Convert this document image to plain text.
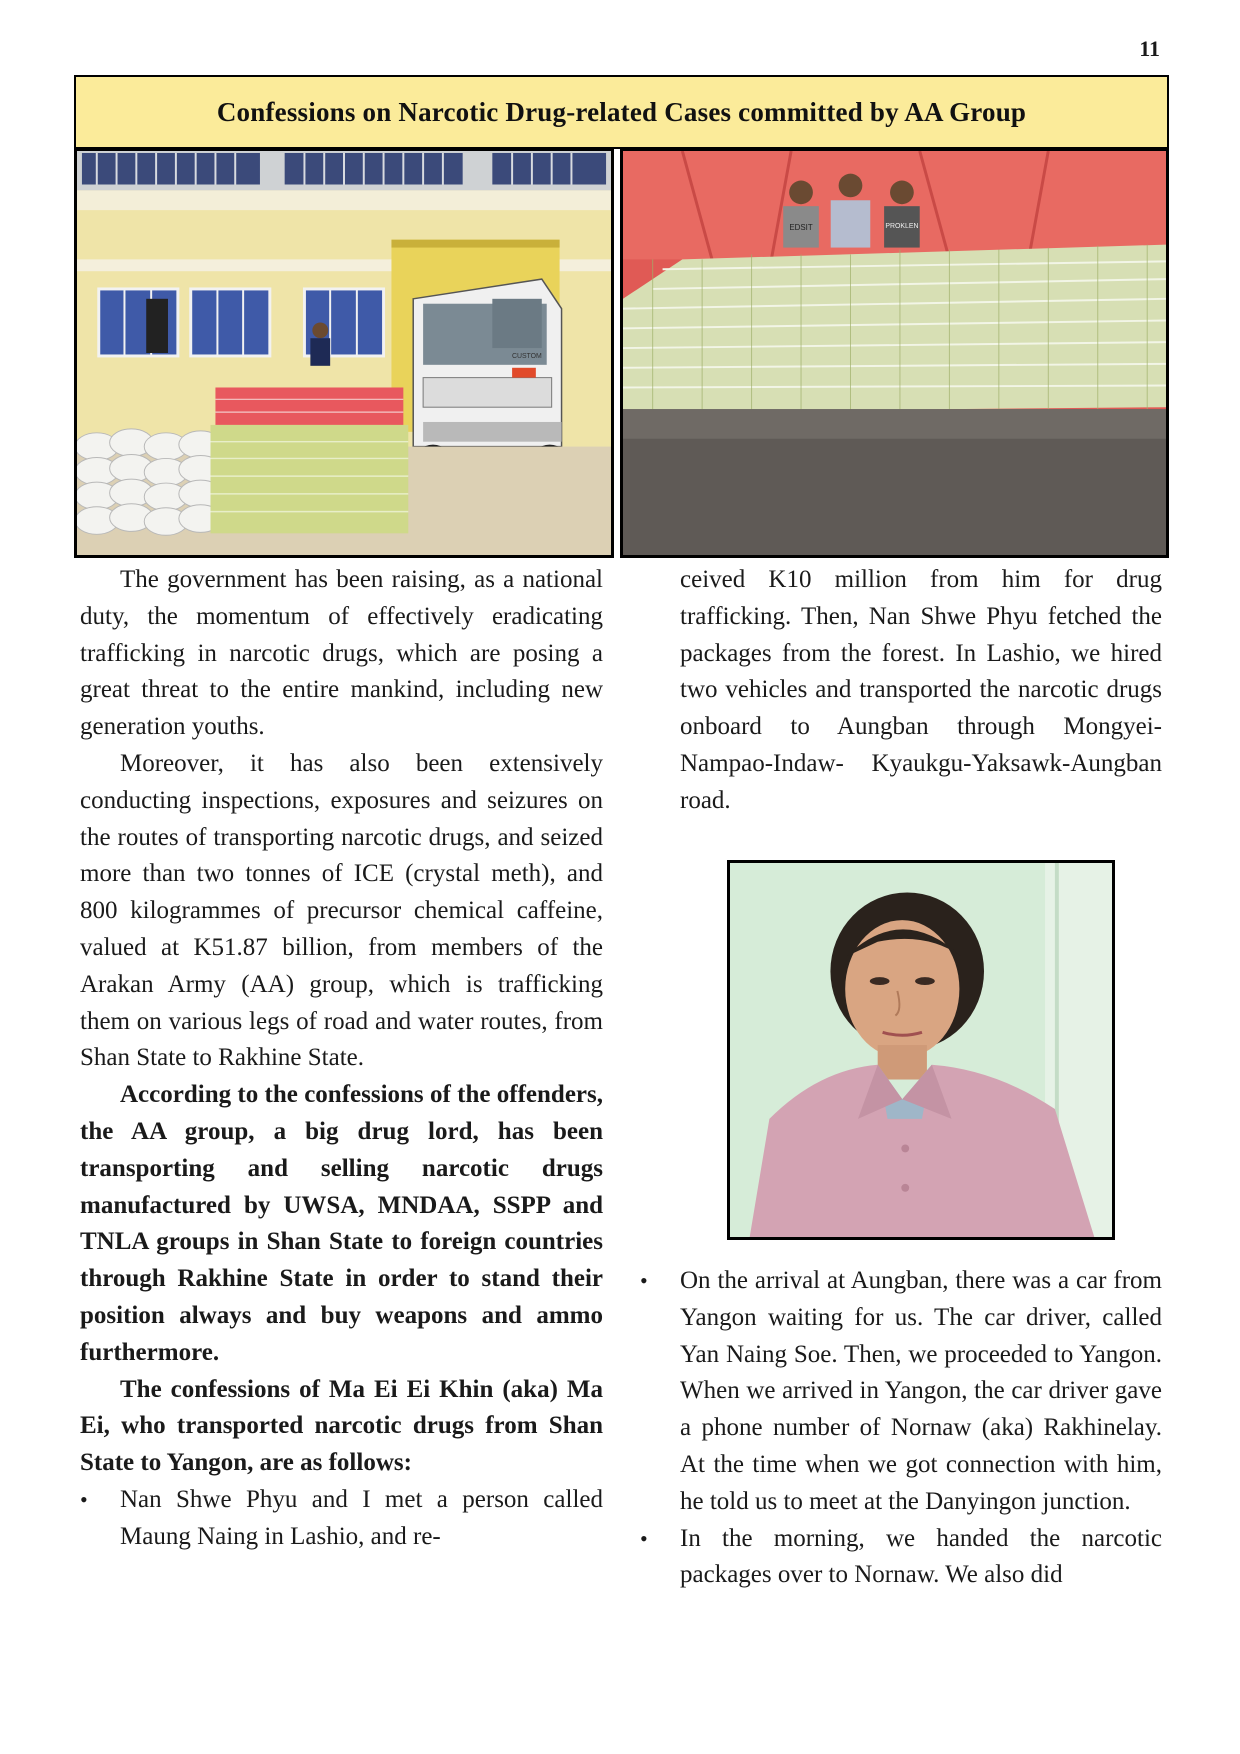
11
Confessions on Narcotic Drug-related Cases committed by AA Group
CUSTOM
EDSIT	PROKLEN

The government has been raising, as a national duty, the momentum of effectively eradicating trafficking in narcotic drugs, which are posing a great threat to the entire mankind, including new generation youths.

Moreover, it has also been extensively conducting inspections, exposures and seizures on the routes of transporting narcotic drugs, and seized more than two tonnes of ICE (crystal meth), and 800 kilogrammes of precursor chemical caffeine, valued at K51.87 billion, from members of the Arakan Army (AA) group, which is trafficking them on various legs of road and water routes, from Shan State to Rakhine State.

According to the confessions of the offenders, the AA group, a big drug lord, has been transporting and selling narcotic drugs manufactured by UWSA, MNDAA, SSPP and TNLA groups in Shan State to foreign countries through Rakhine State in order to stand their position always and buy weapons and ammo furthermore.

The confessions of Ma Ei Ei Khin (aka) Ma Ei, who transported narcotic drugs from Shan State to Yangon, are as follows:

• Nan Shwe Phyu and I met a person called Maung Naing in Lashio, and re-

ceived K10 million from him for drug trafficking. Then, Nan Shwe Phyu fetched the packages from the forest. In Lashio, we hired two vehicles and transported the narcotic drugs onboard to Aungban through Mongyei-Nampao-Indaw- Kyaukgu-Yaksawk-Aungban road.

• On the arrival at Aungban, there was a car from Yangon waiting for us. The car driver, called Yan Naing Soe. Then, we proceeded to Yangon. When we arrived in Yangon, the car driver gave a phone number of Nornaw (aka) Rakhinelay. At the time when we got connection with him, he told us to meet at the Danyingon junction.
• In the morning, we handed the narcotic packages over to Nornaw. We also did
